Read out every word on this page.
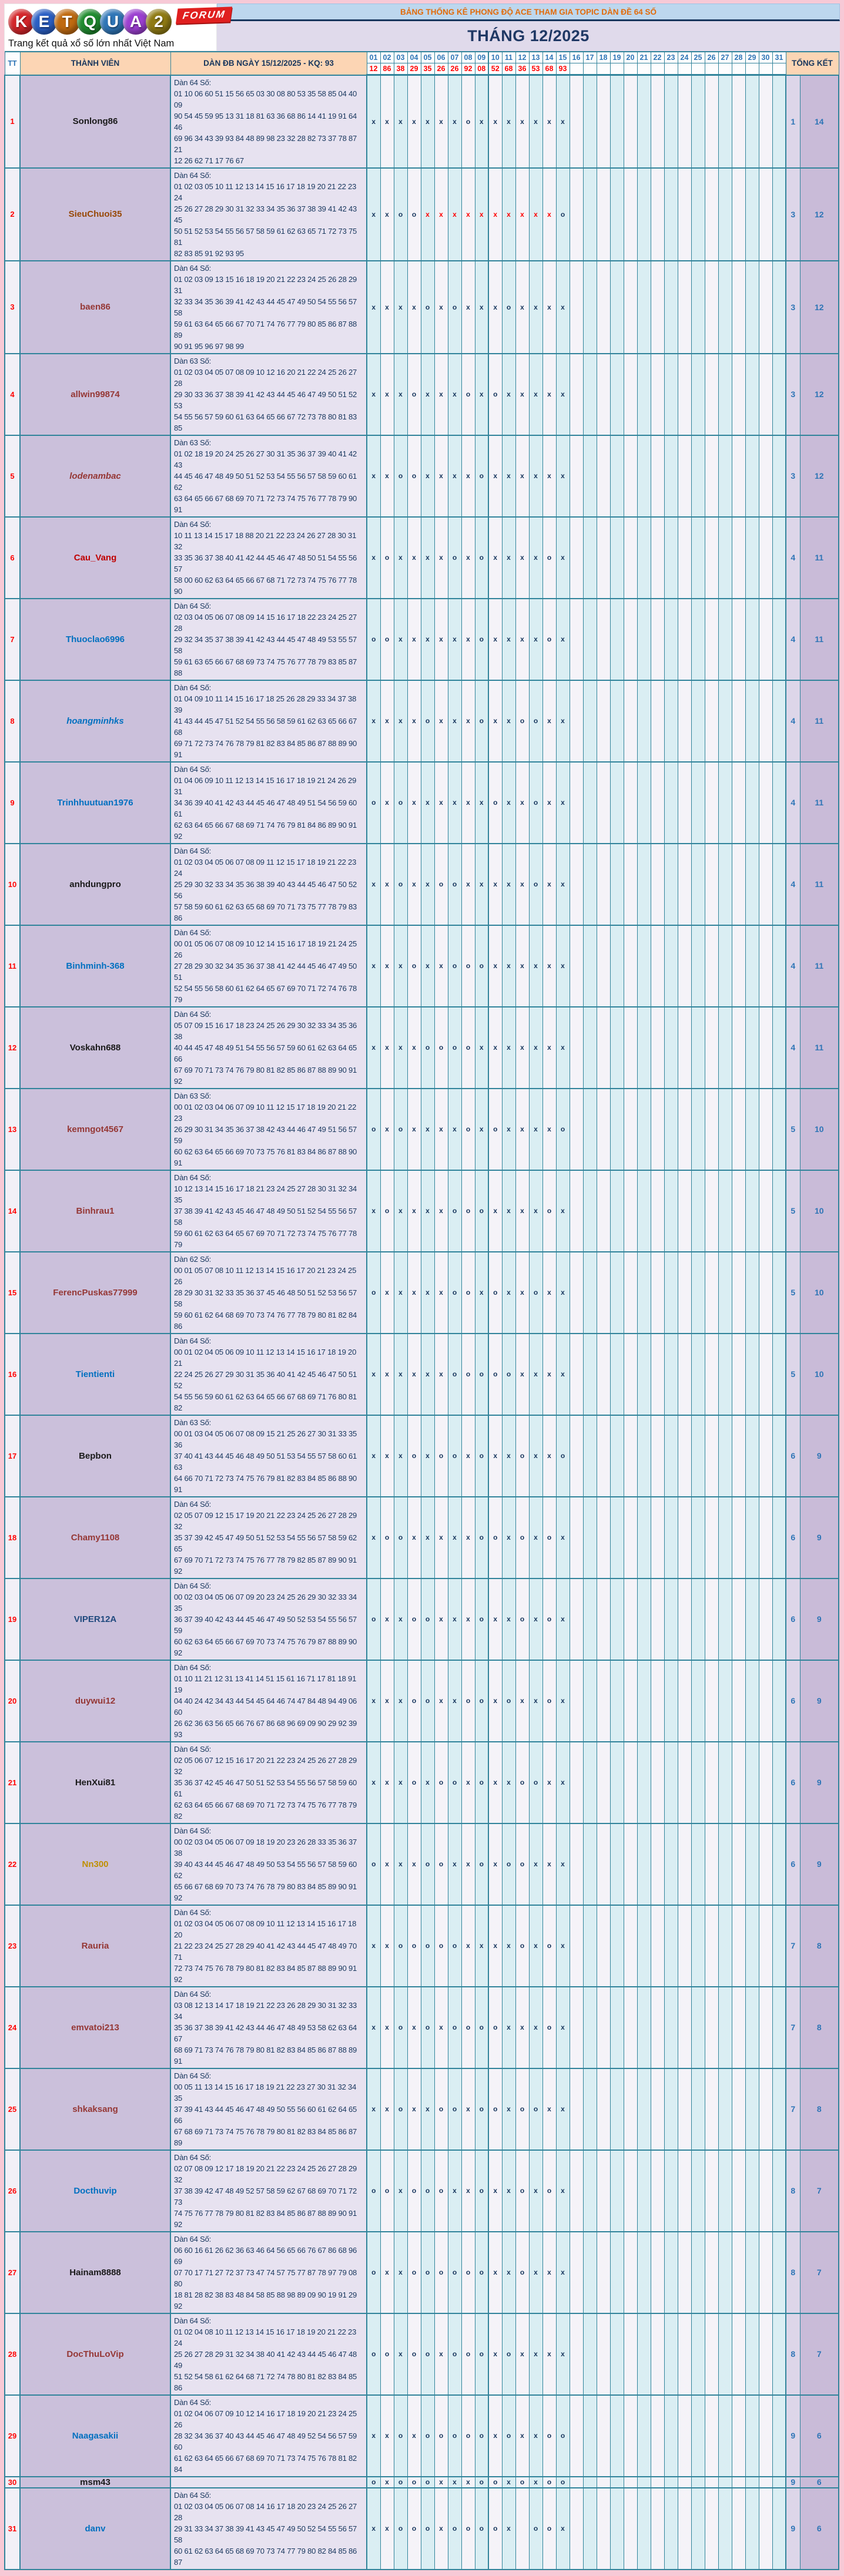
K E T Q U A 2	FORUM
Trang kết quả xổ số lớn nhất Việt Nam
BẢNG THỐNG KÊ PHONG ĐỘ ACE THAM GIA TOPIC DÀN ĐỀ 64 SỐ
THÁNG 12/2025
TT	THÀNH VIÊN	DÀN ĐB NGÀY 15/12/2025 - KQ: 93	01	02	03	04	05	06	07	08	09	10	11	12	13	14	15	16	17	18	19	20	21	22	23	24	25	26	27	28	29	30	31	TỔNG KẾT	
			12	86	38	29	35	26	26	92	08	52	68	36	53	68	93																		
1	Sonlong86	Dàn 64 Số:
01 10 06 60 51 15 56 65 03 30 08 80 53 35 58 85 04 40 09
90 54 45 59 95 13 31 18 81 63 36 68 86 14 41 19 91 64 46
69 96 34 43 39 93 84 48 89 98 23 32 28 82 73 37 78 87 21
12 26 62 71 17 76 67	x	x	x	x	x	x	x	o	x	x	x	x	x	x	x																	1	14
2	SieuChuoi35	Dàn 64 Số:
01 02 03 05 10 11 12 13 14 15 16 17 18 19 20 21 22 23 24
25 26 27 28 29 30 31 32 33 34 35 36 37 38 39 41 42 43 45
50 51 52 53 54 55 56 57 58 59 61 62 63 65 71 72 73 75 81
82 83 85 91 92 93 95	x	x	o	o	x	x	x	x	x	x	x	x	x	x	o																	3	12
3	baen86	Dàn 64 Số:
01 02 03 09 13 15 16 18 19 20 21 22 23 24 25 26 28 29 31
32 33 34 35 36 39 41 42 43 44 45 47 49 50 54 55 56 57 58
59 61 63 64 65 66 67 70 71 74 76 77 79 80 85 86 87 88 89
90 91 95 96 97 98 99	x	x	x	x	o	x	o	x	x	x	o	x	x	x	x																	3	12
4	allwin99874	Dàn 63 Số:
01 02 03 04 05 07 08 09 10 12 16 20 21 22 24 25 26 27 28
29 30 33 36 37 38 39 41 42 43 44 45 46 47 49 50 51 52 53
54 55 56 57 59 60 61 63 64 65 66 67 72 73 78 80 81 83 85	x	x	x	o	x	x	x	o	x	o	x	x	x	x	x																	3	12
5	lodenambac	Dàn 63 Số:
01 02 18 19 20 24 25 26 27 30 31 35 36 37 39 40 41 42 43
44 45 46 47 48 49 50 51 52 53 54 55 56 57 58 59 60 61 62
63 64 65 66 67 68 69 70 71 72 73 74 75 76 77 78 79 90 91	x	x	o	o	x	x	x	x	o	x	x	x	x	x	x																	3	12
6	Cau_Vang	Dàn 64 Số:
10 11 13 14 15 17 18 88 20 21 22 23 24 26 27 28 30 31 32
33 35 36 37 38 40 41 42 44 45 46 47 48 50 51 54 55 56 57
58 00 60 62 63 64 65 66 67 68 71 72 73 74 75 76 77 78 90	x	o	x	x	x	x	o	x	o	x	x	x	x	o	x																	4	11
7	Thuoclao6996	Dàn 64 Số:
02 03 04 05 06 07 08 09 14 15 16 17 18 22 23 24 25 27 28
29 32 34 35 37 38 39 41 42 43 44 45 47 48 49 53 55 57 58
59 61 63 65 66 67 68 69 73 74 75 76 77 78 79 83 85 87 88	o	o	x	x	x	x	x	x	o	x	x	x	x	o	x																	4	11
8	hoangminhks	Dàn 64 Số:
01 04 09 10 11 14 15 16 17 18 25 26 28 29 33 34 37 38 39
41 43 44 45 47 51 52 54 55 56 58 59 61 62 63 65 66 67 68
69 71 72 73 74 76 78 79 81 82 83 84 85 86 87 88 89 90 91	x	x	x	x	o	x	x	x	o	x	x	o	o	x	x																	4	11
9	Trinhhuutuan1976	Dàn 64 Số:
01 04 06 09 10 11 12 13 14 15 16 17 18 19 21 24 26 29 31
34 36 39 40 41 42 43 44 45 46 47 48 49 51 54 56 59 60 61
62 63 64 65 66 67 68 69 71 74 76 79 81 84 86 89 90 91 92	o	x	o	x	x	x	x	x	x	o	x	x	o	x	x																	4	11
10	anhdungpro	Dàn 64 Số:
01 02 03 04 05 06 07 08 09 11 12 15 17 18 19 21 22 23 24
25 29 30 32 33 34 35 36 38 39 40 43 44 45 46 47 50 52 56
57 58 59 60 61 62 63 65 68 69 70 71 73 75 77 78 79 83 86	x	x	o	x	x	o	o	x	x	x	x	x	o	x	x																	4	11
11	Binhminh-368	Dàn 64 Số:
00 01 05 06 07 08 09 10 12 14 15 16 17 18 19 21 24 25 26
27 28 29 30 32 34 35 36 37 38 41 42 44 45 46 47 49 50 51
52 54 55 56 58 60 61 62 64 65 67 69 70 71 72 74 76 78 79	x	x	x	o	x	x	o	o	o	x	x	x	x	x	x																	4	11
12	Voskahn688	Dàn 64 Số:
05 07 09 15 16 17 18 23 24 25 26 29 30 32 33 34 35 36 38
40 44 45 47 48 49 51 54 55 56 57 59 60 61 62 63 64 65 66
67 69 70 71 73 74 76 79 80 81 82 85 86 87 88 89 90 91 92	x	x	x	x	o	o	o	o	x	x	x	x	x	x	x																	4	11
13	kemngot4567	Dàn 63 Số:
00 01 02 03 04 06 07 09 10 11 12 15 17 18 19 20 21 22 23
26 29 30 31 34 35 36 37 38 42 43 44 46 47 49 51 56 57 59
60 62 63 64 65 66 69 70 73 75 76 81 83 84 86 87 88 90 91	o	x	o	x	x	x	x	o	x	o	x	x	x	x	o																	5	10
14	Binhrau1	Dàn 64 Số:
10 12 13 14 15 16 17 18 21 23 24 25 27 28 30 31 32 34 35
37 38 39 41 42 43 45 46 47 48 49 50 51 52 54 55 56 57 58
59 60 61 62 63 64 65 67 69 70 71 72 73 74 75 76 77 78 79	x	o	x	x	x	x	o	o	o	x	x	x	x	o	x																	5	10
15	FerencPuskas77999	Dàn 62 Số:
00 01 05 07 08 10 11 12 13 14 15 16 17 20 21 23 24 25 26
28 29 30 31 32 33 35 36 37 45 46 48 50 51 52 53 56 57 58
59 60 61 62 64 68 69 70 73 74 76 77 78 79 80 81 82 84 86	o	x	x	x	x	x	o	o	x	o	x	x	o	x	x																	5	10
16	Tientienti	Dàn 64 Số:
00 01 02 04 05 06 09 10 11 12 13 14 15 16 17 18 19 20 21
22 24 25 26 27 29 30 31 35 36 40 41 42 45 46 47 50 51 52
54 55 56 59 60 61 62 63 64 65 66 67 68 69 71 76 80 81 82	x	x	x	x	x	x	o	o	o	o	o	x	x	x	x																	5	10
17	Bepbon	Dàn 63 Số:
00 01 03 04 05 06 07 08 09 15 21 25 26 27 30 31 33 35 36
37 40 41 43 44 45 46 48 49 50 51 53 54 55 57 58 60 61 63
64 66 70 71 72 73 74 75 76 79 81 82 83 84 85 86 88 90 91	x	x	x	o	x	o	o	x	o	x	x	o	x	x	o																	6	9
18	Chamy1108	Dàn 64 Số:
02 05 07 09 12 15 17 19 20 21 22 23 24 25 26 27 28 29 32
35 37 39 42 45 47 49 50 51 52 53 54 55 56 57 58 59 62 65
67 69 70 71 72 73 74 75 76 77 78 79 82 85 87 89 90 91 92	x	o	o	x	x	x	x	x	o	o	x	o	x	o	x																	6	9
19	VIPER12A	Dàn 64 Số:
00 02 03 04 05 06 07 09 20 23 24 25 26 29 30 32 33 34 35
36 37 39 40 42 43 44 45 46 47 49 50 52 53 54 55 56 57 59
60 62 63 64 65 66 67 69 70 73 74 75 76 79 87 88 89 90 92	o	x	x	o	o	x	x	x	o	x	x	o	x	o	x																	6	9
20	duywui12	Dàn 64 Số:
01 10 11 21 12 31 13 41 14 51 15 61 16 71 17 81 18 91 19
04 40 24 42 34 43 44 54 45 64 46 74 47 84 48 94 49 06 60
26 62 36 63 56 65 66 76 67 86 68 96 69 09 90 29 92 39 93	x	x	x	o	o	x	x	o	o	x	o	x	x	o	x																	6	9
21	HenXui81	Dàn 64 Số:
02 05 06 07 12 15 16 17 20 21 22 23 24 25 26 27 28 29 32
35 36 37 42 45 46 47 50 51 52 53 54 55 56 57 58 59 60 61
62 63 64 65 66 67 68 69 70 71 72 73 74 75 76 77 78 79 82	x	x	x	o	x	o	o	x	o	x	x	o	o	x	x																	6	9
22	Nn300	Dàn 64 Số:
00 02 03 04 05 06 07 09 18 19 20 23 26 28 33 35 36 37 38
39 40 43 44 45 46 47 48 49 50 53 54 55 56 57 58 59 60 62
65 66 67 68 69 70 73 74 76 78 79 80 83 84 85 89 90 91 92	o	x	x	x	o	o	x	x	o	x	o	o	x	x	x																	6	9
23	Rauria	Dàn 64 Số:
01 02 03 04 05 06 07 08 09 10 11 12 13 14 15 16 17 18 20
21 22 23 24 25 27 28 29 40 41 42 43 44 45 47 48 49 70 71
72 73 74 75 76 78 79 80 81 82 83 84 85 87 88 89 90 91 92	x	x	o	o	o	o	o	x	x	x	x	o	x	o	x																	7	8
24	emvatoi213	Dàn 64 Số:
03 08 12 13 14 17 18 19 21 22 23 26 28 29 30 31 32 33 34
35 36 37 38 39 41 42 43 44 46 47 48 49 53 58 62 63 64 67
68 69 71 73 74 76 78 79 80 81 82 83 84 85 86 87 88 89 91	x	x	o	x	o	x	o	o	o	o	x	x	x	o	x																	7	8
25	shkaksang	Dàn 64 Số:
00 05 11 13 14 15 16 17 18 19 21 22 23 27 30 31 32 34 35
37 39 41 43 44 45 46 47 48 49 50 55 56 60 61 62 64 65 66
67 68 69 71 73 74 75 76 78 79 80 81 82 83 84 85 86 87 89	x	x	o	x	x	o	o	x	o	o	x	o	o	x	x																	7	8
26	Docthuvip	Dàn 64 Số:
02 07 08 09 12 17 18 19 20 21 22 23 24 25 26 27 28 29 32
37 38 39 42 47 48 49 52 57 58 59 62 67 68 69 70 71 72 73
74 75 76 77 78 79 80 81 82 83 84 85 86 87 88 89 90 91 92	o	o	x	o	o	o	x	x	o	x	x	o	x	o	x																	8	7
27	Hainam8888	Dàn 64 Số:
06 60 16 61 26 62 36 63 46 64 56 65 66 76 67 86 68 96 69
07 70 17 71 27 72 37 73 47 74 57 75 77 87 78 97 79 08 80
18 81 28 82 38 83 48 84 58 85 88 98 89 09 90 19 91 29 92	o	x	x	o	o	o	o	o	o	x	x	o	x	x	x																	8	7
28	DocThuLoVip	Dàn 64 Số:
01 02 04 08 10 11 12 13 14 15 16 17 18 19 20 21 22 23 24
25 26 27 28 29 31 32 34 38 40 41 42 43 44 45 46 47 48 49
51 52 54 58 61 62 64 68 71 72 74 78 80 81 82 83 84 85 86	o	o	x	o	o	x	o	o	o	x	o	x	x	x	x																	8	7
29	Naagasakii	Dàn 64 Số:
01 02 04 06 07 09 10 12 14 16 17 18 19 20 21 23 24 25 26
28 32 34 36 37 40 43 44 45 46 47 48 49 52 54 56 57 59 60
61 62 63 64 65 66 67 68 69 70 71 73 74 75 76 78 81 82 84	x	x	o	x	o	o	o	o	o	x	o	x	x	o	o																	9	6
30	msm43		o	x	o	o	o	x	x	x	o	o	x	o	x	o	o																	9	6
31	danv	Dàn 64 Số:
01 02 03 04 05 06 07 08 14 16 17 18 20 23 24 25 26 27 28
29 31 33 34 37 38 39 41 43 45 47 49 50 52 54 55 56 57 58
60 61 62 63 64 65 68 69 70 73 74 77 79 80 82 84 85 86 87	x	x	o	o	o	x	o	o	o	o	x		o	o	x																	9	6
